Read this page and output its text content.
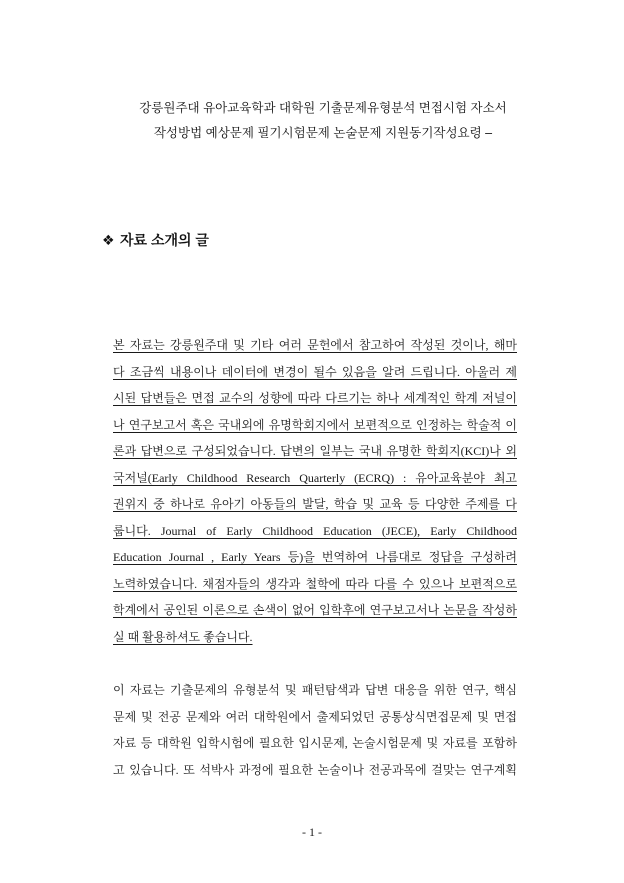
강릉원주대 유아교육학과 대학원 기출문제유형분석 면접시험 자소서
작성방법 예상문제 필기시험문제 논술문제 지원동기작성요령 –
❖ 자료 소개의 글
본 자료는 강릉원주대 및 기타 여러 문헌에서 참고하여 작성된 것이나, 해마
다 조금씩 내용이나 데이터에 변경이 될수 있음을 알려 드립니다. 아울러 제
시된 답변들은 면접 교수의 성향에 따라 다르기는 하나 세계적인 학계 저널이
나 연구보고서 혹은 국내외에 유명학회지에서 보편적으로 인정하는 학술적 이
론과 답변으로 구성되었습니다. 답변의 일부는 국내 유명한 학회지(KCI)나 외
국저널(Early Childhood Research Quarterly (ECRQ) : 유아교육분야 최고
권위지 중 하나로 유아기 아동들의 발달, 학습 및 교육 등 다양한 주제를 다
룹니다. Journal of Early Childhood Education (JECE), Early Childhood
Education Journal , Early Years 등)을 번역하여 나름대로 정답을 구성하려
노력하였습니다. 채점자들의 생각과 철학에 따라 다를 수 있으나 보편적으로
학계에서 공인된 이론으로 손색이 없어 입학후에 연구보고서나 논문을 작성하
실 때 활용하셔도 좋습니다.
이 자료는 기출문제의 유형분석 및 패턴탐색과 답변 대응을 위한 연구, 핵심
문제 및 전공 문제와 여러 대학원에서 출제되었던 공통상식면접문제 및 면접
자료 등 대학원 입학시험에 필요한 입시문제, 논술시험문제 및 자료를 포함하
고 있습니다. 또 석박사 과정에 필요한 논술이나 전공과목에 걸맞는 연구계획
- 1 -
